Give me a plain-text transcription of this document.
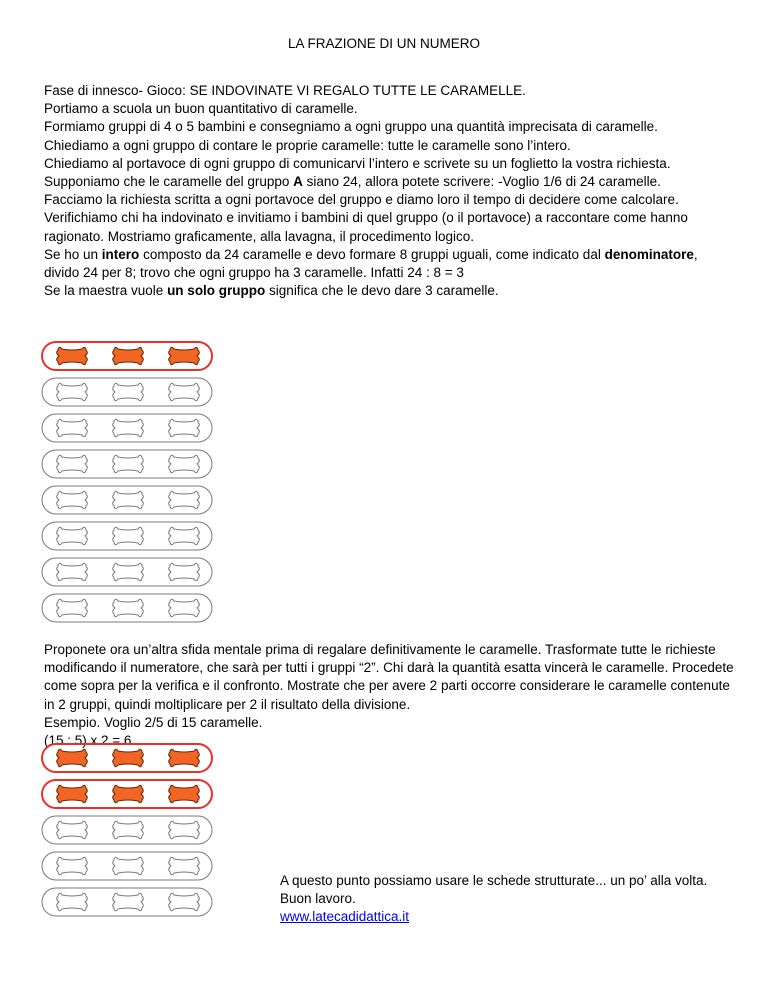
LA FRAZIONE DI UN NUMERO

Fase di innesco- Gioco: SE INDOVINATE VI REGALO TUTTE LE CARAMELLE.

Portiamo a scuola un buon quantitativo di caramelle.

Formiamo gruppi di 4 o 5 bambini e consegniamo a ogni gruppo una quantità imprecisata di caramelle.

Chiediamo a ogni gruppo di contare le proprie caramelle: tutte le caramelle sono l’intero.

Chiediamo al portavoce di ogni gruppo di comunicarvi l’intero e scrivete su un foglietto la vostra richiesta. Supponiamo che le caramelle del gruppo A siano 24, allora potete scrivere: -Voglio 1/6 di 24 caramelle.

Facciamo la richiesta scritta a ogni portavoce del gruppo e diamo loro il tempo di decidere come calcolare.

Verifichiamo chi ha indovinato e invitiamo i bambini di quel gruppo (o il portavoce) a raccontare come hanno ragionato. Mostriamo graficamente, alla lavagna, il procedimento logico.

Se ho un intero composto da 24 caramelle e devo formare 8 gruppi uguali, come indicato dal denominatore, divido 24 per 8; trovo che ogni gruppo ha 3 caramelle. Infatti 24 : 8 = 3

Se la maestra vuole un solo gruppo significa che le devo dare 3 caramelle.

Proponete ora un’altra sfida mentale prima di regalare definitivamente le caramelle. Trasformate tutte le richieste modificando il numeratore, che sarà per tutti i gruppi “2”. Chi darà la quantità esatta vincerà le caramelle. Procedete come sopra per la verifica e il confronto. Mostrate che per avere 2 parti occorre considerare le caramelle contenute in 2 gruppi, quindi moltiplicare per 2 il risultato della divisione.

Esempio. Voglio 2/5 di 15 caramelle.

(15 : 5) x 2 = 6

A questo punto possiamo usare le schede strutturate... un po’ alla volta.

Buon lavoro.

www.latecadidattica.it
